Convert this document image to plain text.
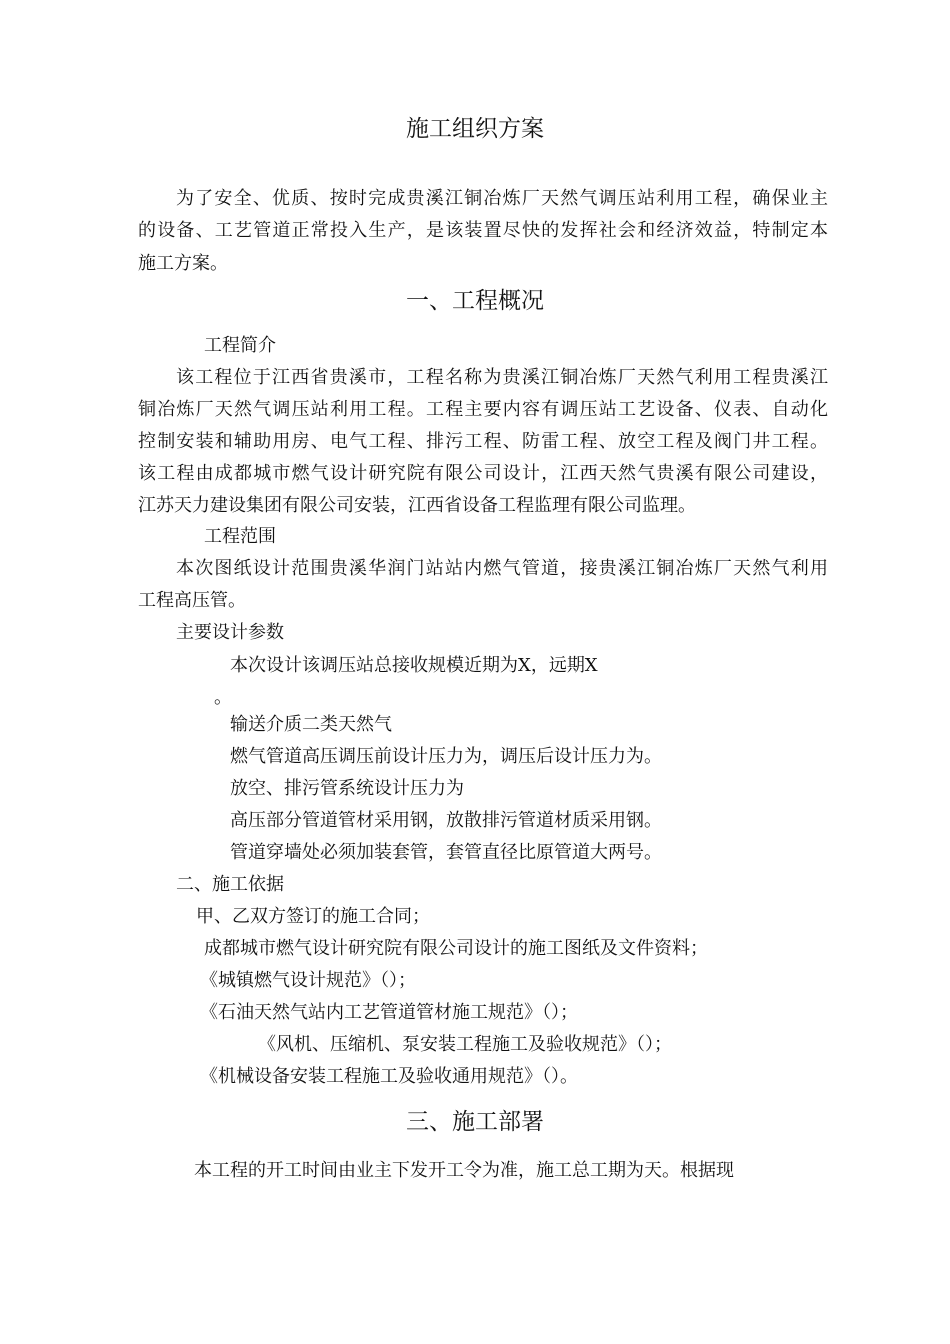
施工组织方案
为了安全、优质、按时完成贵溪江铜冶炼厂天然气调压站利用工程，确保业主
的设备、工艺管道正常投入生产，是该装置尽快的发挥社会和经济效益，特制定本
施工方案。
一、工程概况
工程简介
该工程位于江西省贵溪市，工程名称为贵溪江铜冶炼厂天然气利用工程贵溪江
铜冶炼厂天然气调压站利用工程。工程主要内容有调压站工艺设备、仪表、自动化
控制安装和辅助用房、电气工程、排污工程、防雷工程、放空工程及阀门井工程。
该工程由成都城市燃气设计研究院有限公司设计，江西天然气贵溪有限公司建设，
江苏天力建设集团有限公司安装，江西省设备工程监理有限公司监理。
工程范围
本次图纸设计范围贵溪华润门站站内燃气管道，接贵溪江铜冶炼厂天然气利用
工程高压管。
主要设计参数
本次设计该调压站总接收规模近期为X，远期X
。
输送介质二类天然气
燃气管道高压调压前设计压力为，调压后设计压力为。
放空、排污管系统设计压力为
高压部分管道管材采用钢，放散排污管道材质采用钢。
管道穿墙处必须加装套管，套管直径比原管道大两号。
二、施工依据
甲、乙双方签订的施工合同；
成都城市燃气设计研究院有限公司设计的施工图纸及文件资料；
《城镇燃气设计规范》（）；
《石油天然气站内工艺管道管材施工规范》（）；
《风机、压缩机、泵安装工程施工及验收规范》（）；
《机械设备安装工程施工及验收通用规范》（）。
三、施工部署
本工程的开工时间由业主下发开工令为准，施工总工期为天。根据现
